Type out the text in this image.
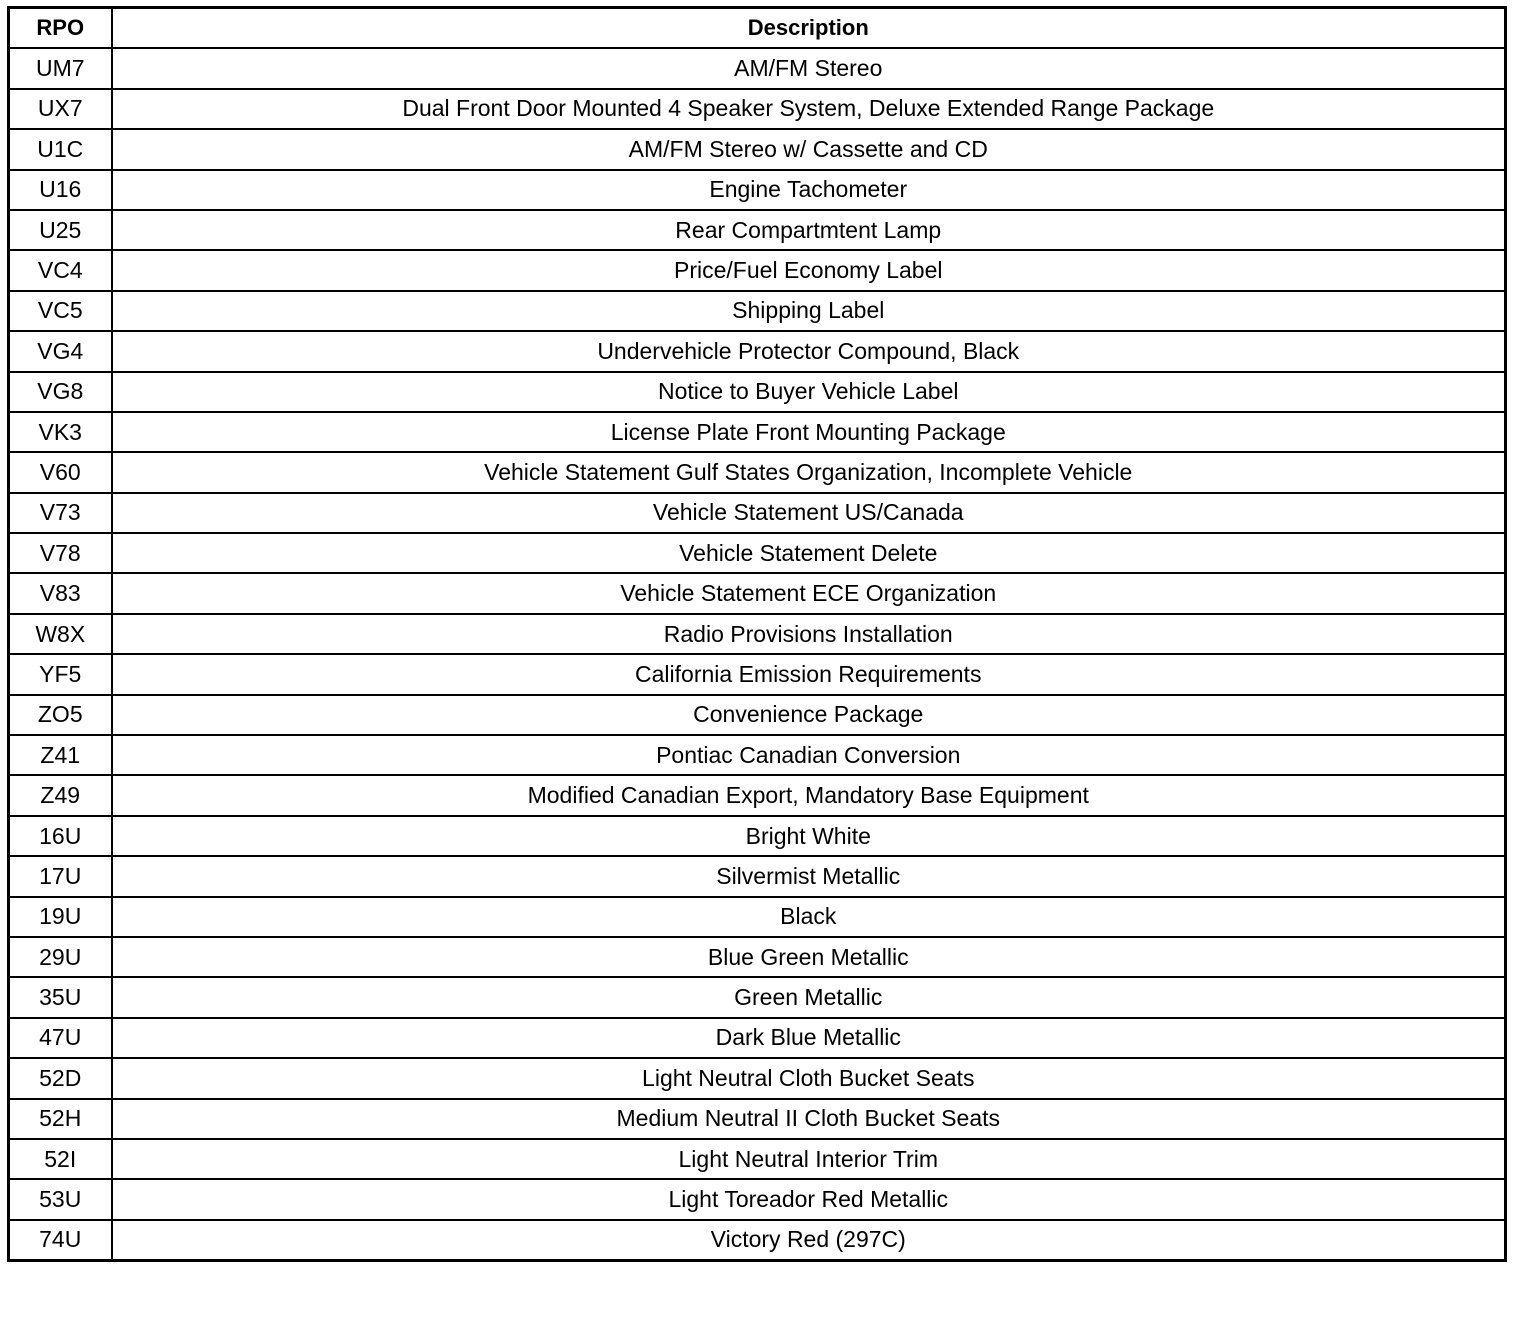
RPO	Description
UM7	AM/FM Stereo
UX7	Dual Front Door Mounted 4 Speaker System, Deluxe Extended Range Package
U1C	AM/FM Stereo w/ Cassette and CD
U16	Engine Tachometer
U25	Rear Compartmtent Lamp
VC4	Price/Fuel Economy Label
VC5	Shipping Label
VG4	Undervehicle Protector Compound, Black
VG8	Notice to Buyer Vehicle Label
VK3	License Plate Front Mounting Package
V60	Vehicle Statement Gulf States Organization, Incomplete Vehicle
V73	Vehicle Statement US/Canada
V78	Vehicle Statement Delete
V83	Vehicle Statement ECE Organization
W8X	Radio Provisions Installation
YF5	California Emission Requirements
ZO5	Convenience Package
Z41	Pontiac Canadian Conversion
Z49	Modified Canadian Export, Mandatory Base Equipment
16U	Bright White
17U	Silvermist Metallic
19U	Black
29U	Blue Green Metallic
35U	Green Metallic
47U	Dark Blue Metallic
52D	Light Neutral Cloth Bucket Seats
52H	Medium Neutral II Cloth Bucket Seats
52I	Light Neutral Interior Trim
53U	Light Toreador Red Metallic
74U	Victory Red (297C)
